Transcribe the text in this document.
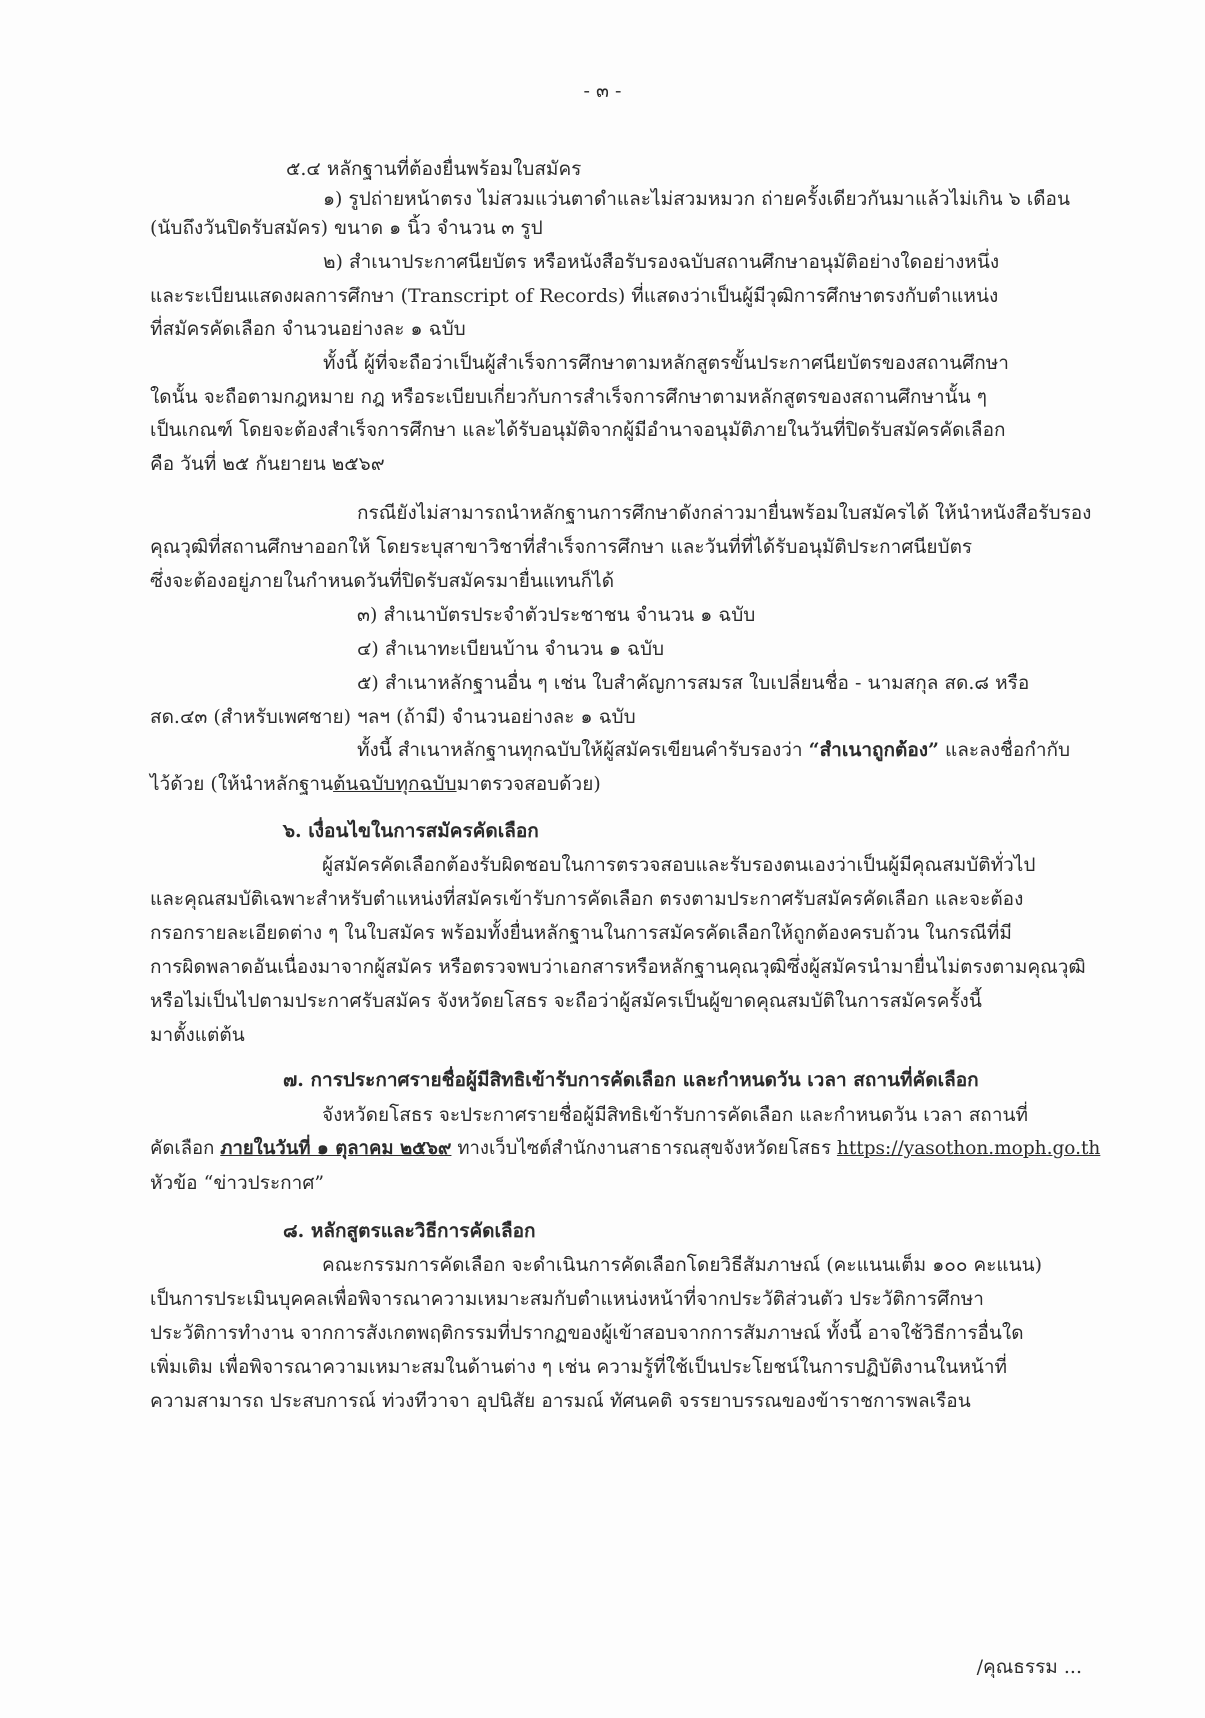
- ๓ -
๕.๔ หลักฐานที่ต้องยื่นพร้อมใบสมัคร
๑) รูปถ่ายหน้าตรง ไม่สวมแว่นตาดำและไม่สวมหมวก ถ่ายครั้งเดียวกันมาแล้วไม่เกิน ๖ เดือน
(นับถึงวันปิดรับสมัคร) ขนาด ๑ นิ้ว จำนวน ๓ รูป
๒) สำเนาประกาศนียบัตร หรือหนังสือรับรองฉบับสถานศึกษาอนุมัติอย่างใดอย่างหนึ่ง
และระเบียนแสดงผลการศึกษา (Transcript of Records) ที่แสดงว่าเป็นผู้มีวุฒิการศึกษาตรงกับตำแหน่ง
ที่สมัครคัดเลือก จำนวนอย่างละ ๑ ฉบับ
ทั้งนี้ ผู้ที่จะถือว่าเป็นผู้สำเร็จการศึกษาตามหลักสูตรขั้นประกาศนียบัตรของสถานศึกษา
ใดนั้น จะถือตามกฎหมาย กฎ หรือระเบียบเกี่ยวกับการสำเร็จการศึกษาตามหลักสูตรของสถานศึกษานั้น ๆ
เป็นเกณฑ์ โดยจะต้องสำเร็จการศึกษา และได้รับอนุมัติจากผู้มีอำนาจอนุมัติภายในวันที่ปิดรับสมัครคัดเลือก
คือ วันที่ ๒๕ กันยายน ๒๕๖๙
กรณียังไม่สามารถนำหลักฐานการศึกษาดังกล่าวมายื่นพร้อมใบสมัครได้ ให้นำหนังสือรับรอง
คุณวุฒิที่สถานศึกษาออกให้ โดยระบุสาขาวิชาที่สำเร็จการศึกษา และวันที่ที่ได้รับอนุมัติประกาศนียบัตร
ซึ่งจะต้องอยู่ภายในกำหนดวันที่ปิดรับสมัครมายื่นแทนก็ได้
๓) สำเนาบัตรประจำตัวประชาชน จำนวน ๑ ฉบับ
๔) สำเนาทะเบียนบ้าน จำนวน ๑ ฉบับ
๕) สำเนาหลักฐานอื่น ๆ เช่น ใบสำคัญการสมรส ใบเปลี่ยนชื่อ - นามสกุล สด.๘ หรือ
สด.๔๓ (สำหรับเพศชาย) ฯลฯ (ถ้ามี) จำนวนอย่างละ ๑ ฉบับ
ทั้งนี้ สำเนาหลักฐานทุกฉบับให้ผู้สมัครเขียนคำรับรองว่า “สำเนาถูกต้อง” และลงชื่อกำกับ
ไว้ด้วย (ให้นำหลักฐานต้นฉบับทุกฉบับมาตรวจสอบด้วย)
๖. เงื่อนไขในการสมัครคัดเลือก
ผู้สมัครคัดเลือกต้องรับผิดชอบในการตรวจสอบและรับรองตนเองว่าเป็นผู้มีคุณสมบัติทั่วไป
และคุณสมบัติเฉพาะสำหรับตำแหน่งที่สมัครเข้ารับการคัดเลือก ตรงตามประกาศรับสมัครคัดเลือก และจะต้อง
กรอกรายละเอียดต่าง ๆ ในใบสมัคร พร้อมทั้งยื่นหลักฐานในการสมัครคัดเลือกให้ถูกต้องครบถ้วน ในกรณีที่มี
การผิดพลาดอันเนื่องมาจากผู้สมัคร หรือตรวจพบว่าเอกสารหรือหลักฐานคุณวุฒิซึ่งผู้สมัครนำมายื่นไม่ตรงตามคุณวุฒิ
หรือไม่เป็นไปตามประกาศรับสมัคร จังหวัดยโสธร จะถือว่าผู้สมัครเป็นผู้ขาดคุณสมบัติในการสมัครครั้งนี้
มาตั้งแต่ต้น
๗. การประกาศรายชื่อผู้มีสิทธิเข้ารับการคัดเลือก และกำหนดวัน เวลา สถานที่คัดเลือก
จังหวัดยโสธร จะประกาศรายชื่อผู้มีสิทธิเข้ารับการคัดเลือก และกำหนดวัน เวลา สถานที่
คัดเลือก ภายในวันที่ ๑ ตุลาคม ๒๕๖๙ ทางเว็บไซต์สำนักงานสาธารณสุขจังหวัดยโสธร https://yasothon.moph.go.th
หัวข้อ “ข่าวประกาศ”
๘. หลักสูตรและวิธีการคัดเลือก
คณะกรรมการคัดเลือก จะดำเนินการคัดเลือกโดยวิธีสัมภาษณ์ (คะแนนเต็ม ๑๐๐ คะแนน)
เป็นการประเมินบุคคลเพื่อพิจารณาความเหมาะสมกับตำแหน่งหน้าที่จากประวัติส่วนตัว ประวัติการศึกษา
ประวัติการทำงาน จากการสังเกตพฤติกรรมที่ปรากฏของผู้เข้าสอบจากการสัมภาษณ์ ทั้งนี้ อาจใช้วิธีการอื่นใด
เพิ่มเติม เพื่อพิจารณาความเหมาะสมในด้านต่าง ๆ เช่น ความรู้ที่ใช้เป็นประโยชน์ในการปฏิบัติงานในหน้าที่
ความสามารถ ประสบการณ์ ท่วงทีวาจา อุปนิสัย อารมณ์ ทัศนคติ จรรยาบรรณของข้าราชการพลเรือน
/คุณธรรม ...
